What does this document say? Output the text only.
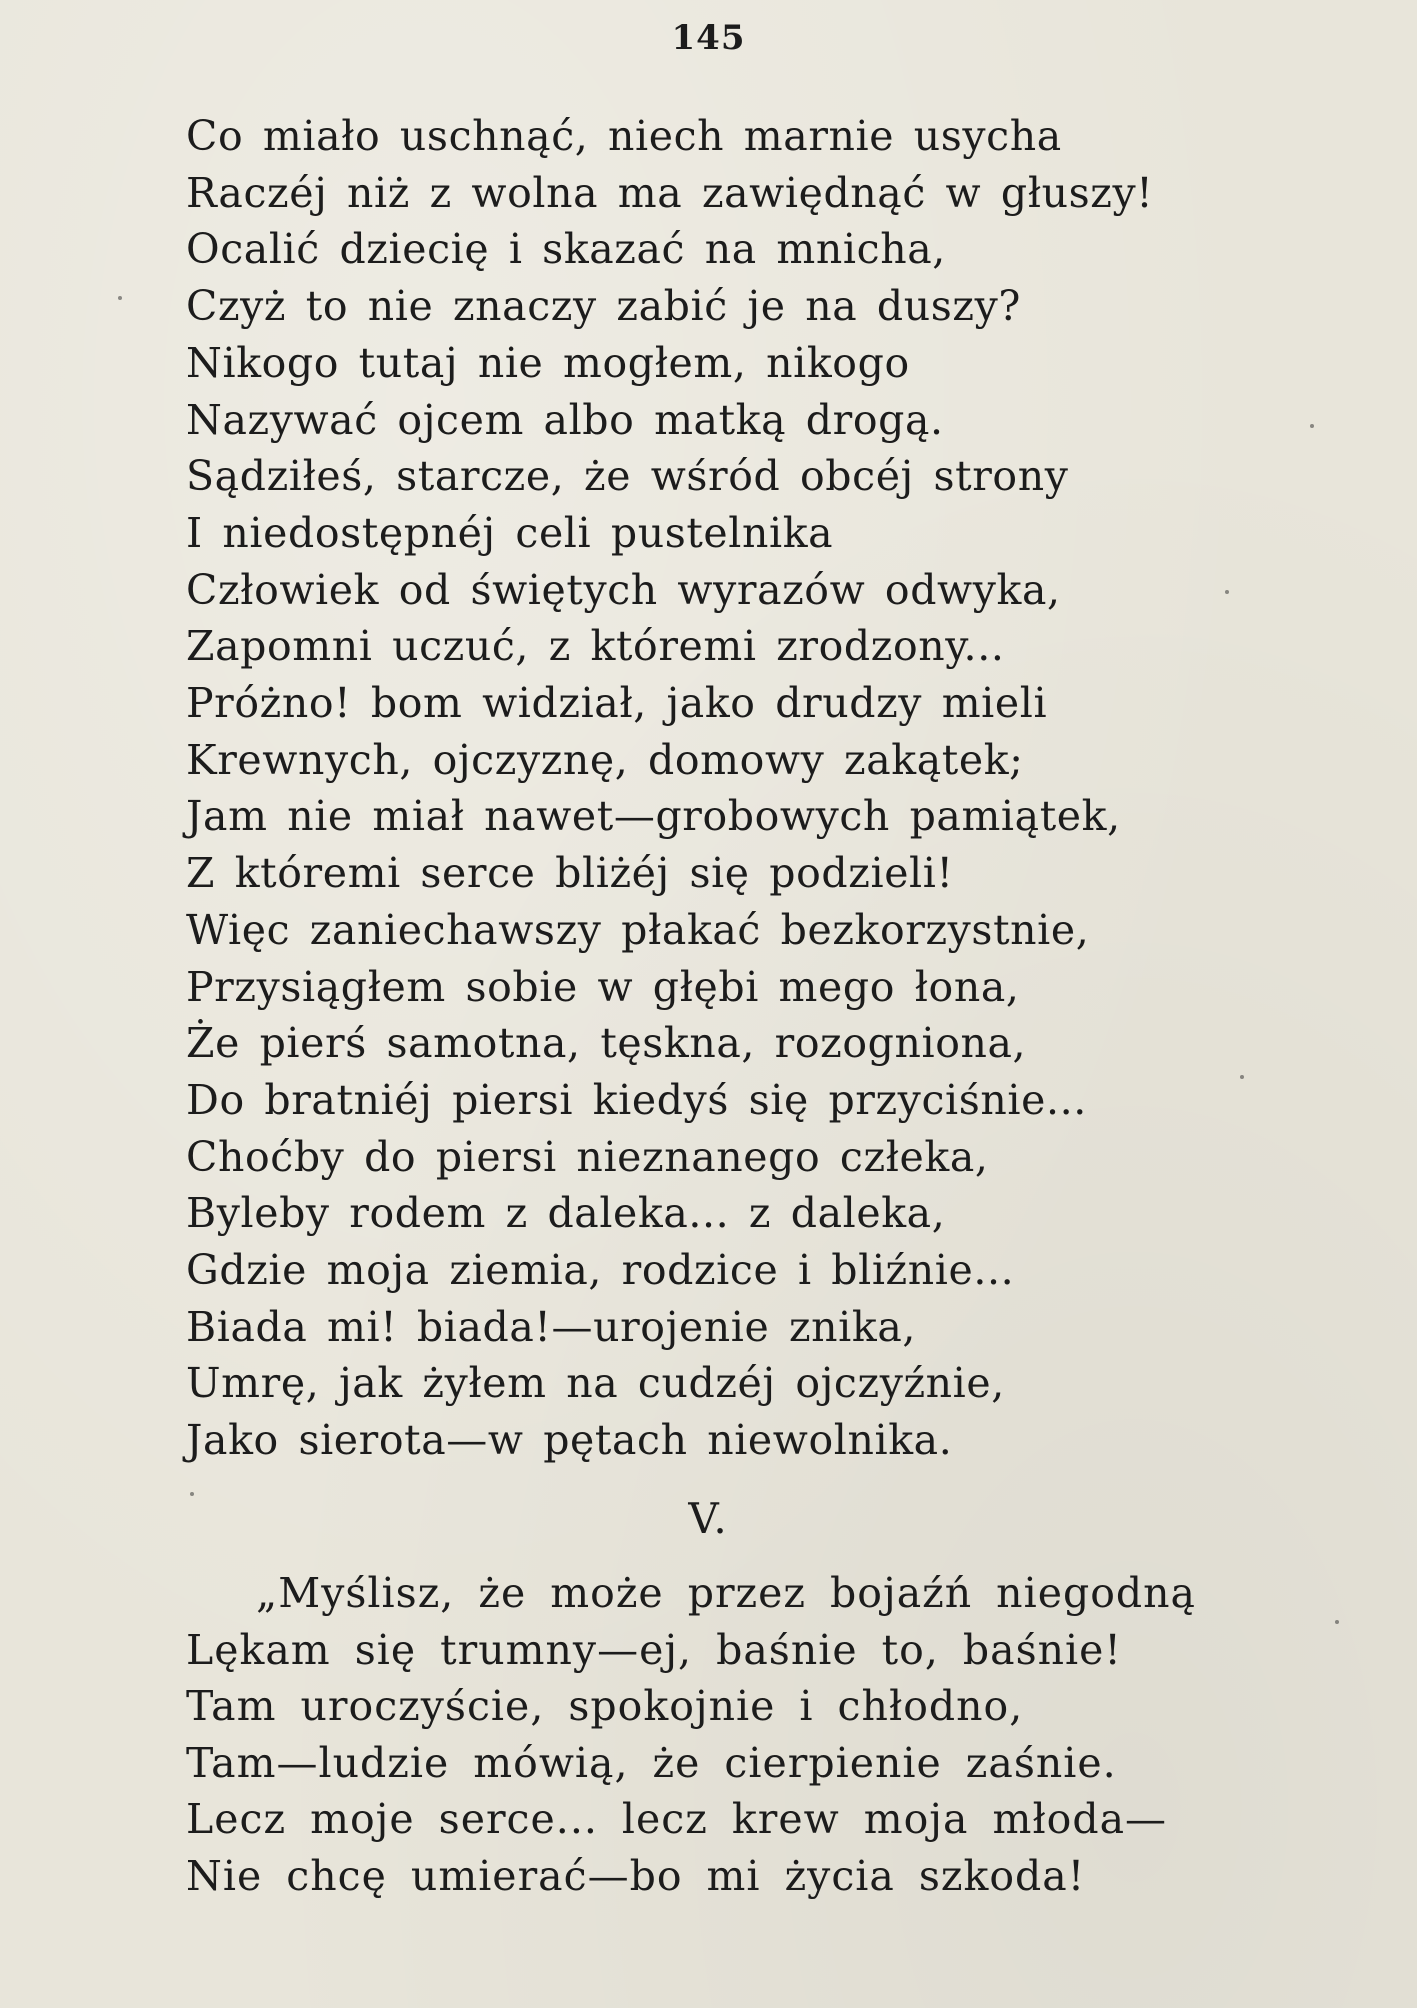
145

Co miało uschnąć, niech marnie usycha
Raczéj niż z wolna ma zawiędnąć w głuszy!
Ocalić dziecię i skazać na mnicha,
Czyż to nie znaczy zabić je na duszy?
Nikogo tutaj nie mogłem, nikogo
Nazywać ojcem albo matką drogą.
Sądziłeś, starcze, że wśród obcéj strony
I niedostępnéj celi pustelnika
Człowiek od świętych wyrazów odwyka,
Zapomni uczuć, z któremi zrodzony...
Próżno! bom widział, jako drudzy mieli
Krewnych, ojczyznę, domowy zakątek;
Jam nie miał nawet—grobowych pamiątek,
Z któremi serce bliżéj się podzieli!
Więc zaniechawszy płakać bezkorzystnie,
Przysiągłem sobie w głębi mego łona,
Że pierś samotna, tęskna, rozogniona,
Do bratniéj piersi kiedyś się przyciśnie...
Choćby do piersi nieznanego człeka,
Byleby rodem z daleka... z daleka,
Gdzie moja ziemia, rodzice i bliźnie...
Biada mi! biada!—urojenie znika,
Umrę, jak żyłem na cudzéj ojczyźnie,
Jako sierota—w pętach niewolnika.

V.

„Myślisz, że może przez bojaźń niegodną
Lękam się trumny—ej, baśnie to, baśnie!
Tam uroczyście, spokojnie i chłodno,
Tam—ludzie mówią, że cierpienie zaśnie.
Lecz moje serce... lecz krew moja młoda—
Nie chcę umierać—bo mi życia szkoda!
